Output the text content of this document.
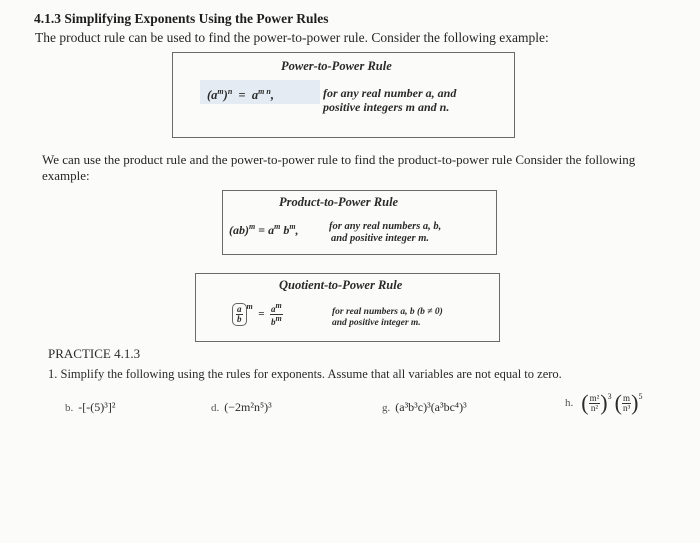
4.1.3 Simplifying Exponents Using the Power Rules
The product rule can be used to find the power-to-power rule. Consider the following example:
Power-to-Power Rule
$(a^m)^n = a^{m n}$,	for any real number a, and
positive integers m and n.
We can use the product rule and the power-to-power rule to find the product-to-power rule Consider the following example:
Product-to-Power Rule
$(ab)^m = a^m$ $b^m$,	for any real numbers a, b,
and positive integer m.
Quotient-to-Power Rule
$\frac{a}{b} ^m = \frac{a^m}{b^m}$	for real numbers a, b (b ≠ 0)
and positive integer m.
PRACTICE 4.1.3
1. Simplify the following using the rules for exponents. Assume that all variables are not equal to zero.
b. -[-(5)³]²	d. (−2m²n⁵)³	g. (a³b³c)³(a³bc⁴)³	h. ( $\frac{\text{m²}}{\text{n²}} )^3$ ( $\frac{m}{\text{n³}} )^5$
